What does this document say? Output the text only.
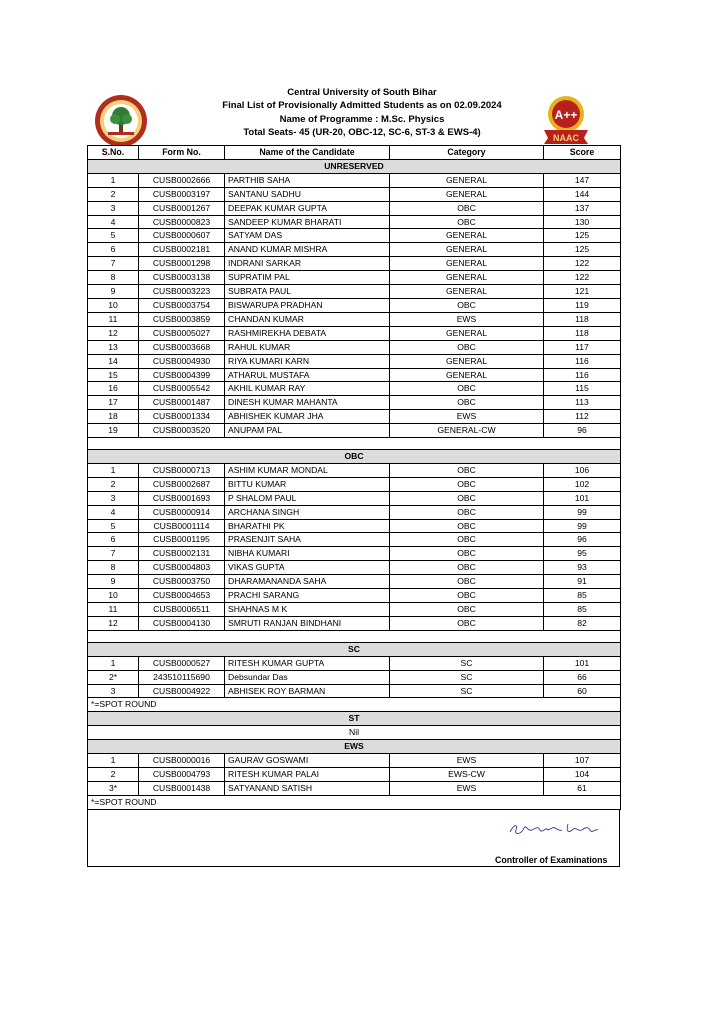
Central University of South Bihar
Final List of Provisionally Admitted Students as on 02.09.2024
Name of Programme : M.Sc. Physics
Total Seats- 45 (UR-20, OBC-12, SC-6, ST-3 & EWS-4)
A++
NAAC
S.No.	Form No.	Name of the Candidate	Category	Score
UNRESERVED				
1	CUSB0002666	PARTHIB SAHA	GENERAL	147
2	CUSB0003197	SANTANU SADHU	GENERAL	144
3	CUSB0001267	DEEPAK KUMAR GUPTA	OBC	137
4	CUSB0000823	SANDEEP KUMAR BHARATI	OBC	130
5	CUSB0000607	SATYAM DAS	GENERAL	125
6	CUSB0002181	ANAND KUMAR MISHRA	GENERAL	125
7	CUSB0001298	INDRANI SARKAR	GENERAL	122
8	CUSB0003138	SUPRATIM PAL	GENERAL	122
9	CUSB0003223	SUBRATA PAUL	GENERAL	121
10	CUSB0003754	BISWARUPA PRADHAN	OBC	119
11	CUSB0003859	CHANDAN KUMAR	EWS	118
12	CUSB0005027	RASHMIREKHA DEBATA	GENERAL	118
13	CUSB0003668	RAHUL KUMAR	OBC	117
14	CUSB0004930	RIYA KUMARI KARN	GENERAL	116
15	CUSB0004399	ATHARUL MUSTAFA	GENERAL	116
16	CUSB0005542	AKHIL KUMAR RAY	OBC	115
17	CUSB0001487	DINESH KUMAR MAHANTA	OBC	113
18	CUSB0001334	ABHISHEK KUMAR JHA	EWS	112
19	CUSB0003520	ANUPAM PAL	GENERAL-CW	96

OBC				
1	CUSB0000713	ASHIM KUMAR MONDAL	OBC	106
2	CUSB0002687	BITTU KUMAR	OBC	102
3	CUSB0001693	P SHALOM PAUL	OBC	101
4	CUSB0000914	ARCHANA SINGH	OBC	99
5	CUSB0001114	BHARATHI PK	OBC	99
6	CUSB0001195	PRASENJIT SAHA	OBC	96
7	CUSB0002131	NIBHA KUMARI	OBC	95
8	CUSB0004803	VIKAS GUPTA	OBC	93
9	CUSB0003750	DHARAMANANDA SAHA	OBC	91
10	CUSB0004653	PRACHI SARANG	OBC	85
11	CUSB0006511	SHAHNAS M K	OBC	85
12	CUSB0004130	SMRUTI RANJAN BINDHANI	OBC	82

SC				
1	CUSB0000527	RITESH KUMAR GUPTA	SC	101
2*	243510115690	Debsundar Das	SC	66
3	CUSB0004922	ABHISEK ROY BARMAN	SC	60
*=SPOT ROUND				
ST				
Nil				
EWS				
1	CUSB0000016	GAURAV GOSWAMI	EWS	107
2	CUSB0004793	RITESH KUMAR PALAI	EWS-CW	104
3*	CUSB0001438	SATYANAND SATISH	EWS	61
*=SPOT ROUND				
Controller of Examinations
